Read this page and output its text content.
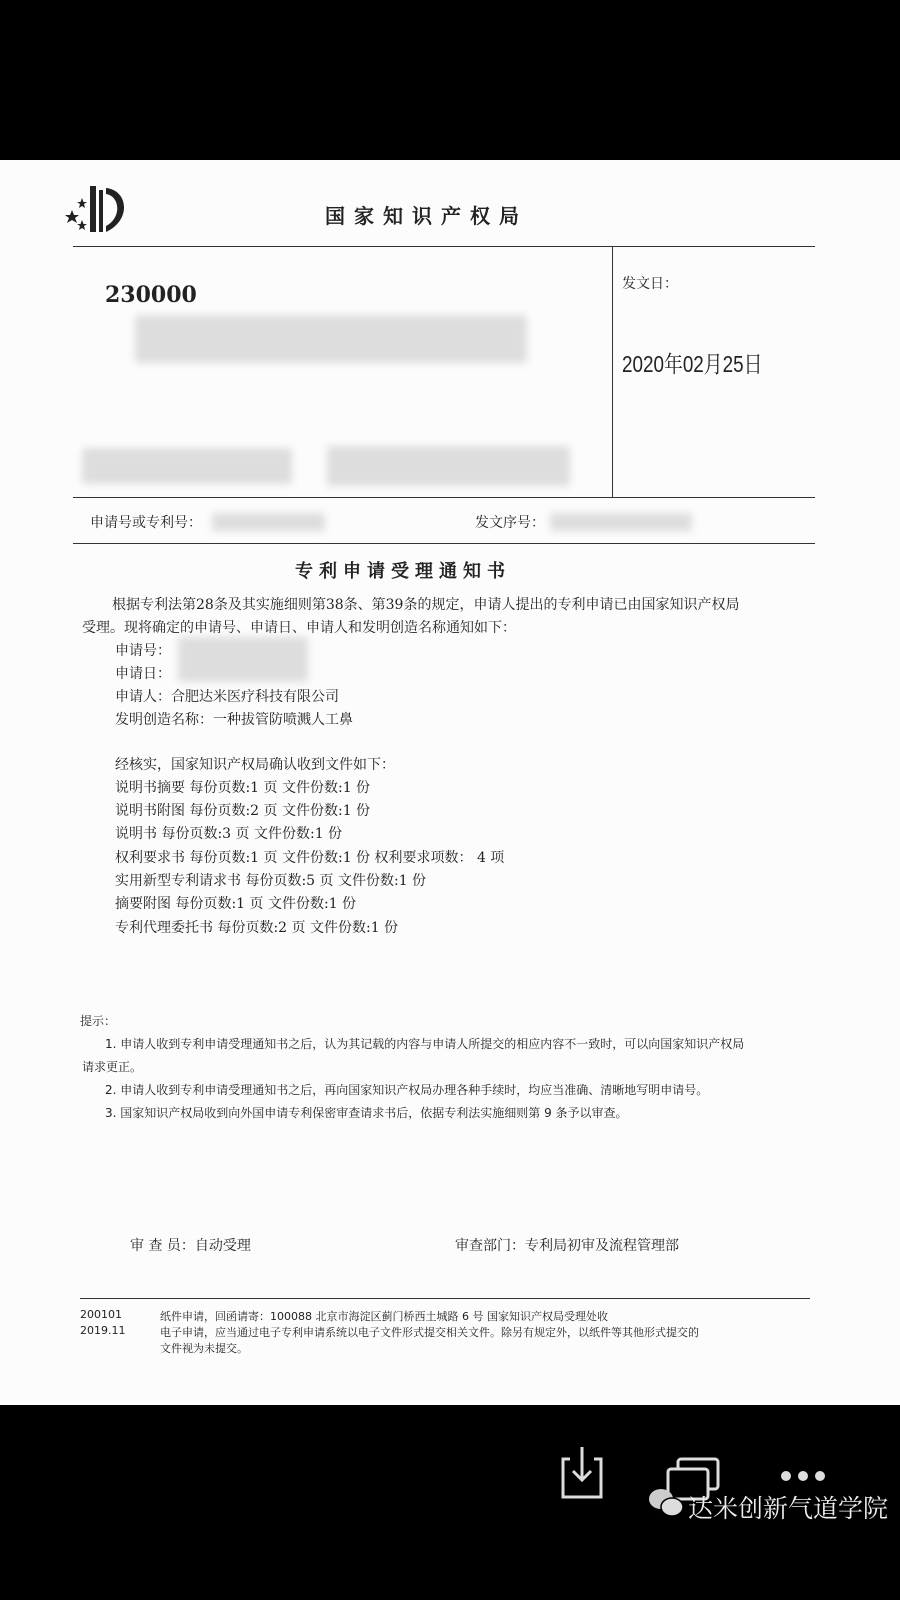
国家知识产权局
230000	发文日：
2020年02月25日
申请号或专利号：	发文序号：
专利申请受理通知书
根据专利法第28条及其实施细则第38条、第39条的规定，申请人提出的专利申请已由国家知识产权局
受理。现将确定的申请号、申请日、申请人和发明创造名称通知如下：
申请号：
申请日：
申请人：合肥达米医疗科技有限公司
发明创造名称：一种拔管防喷溅人工鼻
经核实，国家知识产权局确认收到文件如下：
说明书摘要 每份页数:1 页 文件份数:1 份
说明书附图 每份页数:2 页 文件份数:1 份
说明书 每份页数:3 页 文件份数:1 份
权利要求书 每份页数:1 页 文件份数:1 份 权利要求项数： 4 项
实用新型专利请求书 每份页数:5 页 文件份数:1 份
摘要附图 每份页数:1 页 文件份数:1 份
专利代理委托书 每份页数:2 页 文件份数:1 份
提示：
1. 申请人收到专利申请受理通知书之后，认为其记载的内容与申请人所提交的相应内容不一致时，可以向国家知识产权局
请求更正。
2. 申请人收到专利申请受理通知书之后，再向国家知识产权局办理各种手续时，均应当准确、清晰地写明申请号。
3. 国家知识产权局收到向外国申请专利保密审查请求书后，依据专利法实施细则第 9 条予以审查。
审 查 员：自动受理	审查部门：专利局初审及流程管理部
200101
2019.11
纸件申请，回函请寄：100088 北京市海淀区蓟门桥西土城路 6 号 国家知识产权局受理处收
电子申请，应当通过电子专利申请系统以电子文件形式提交相关文件。除另有规定外，以纸件等其他形式提交的
文件视为未提交。
达米创新气道学院
